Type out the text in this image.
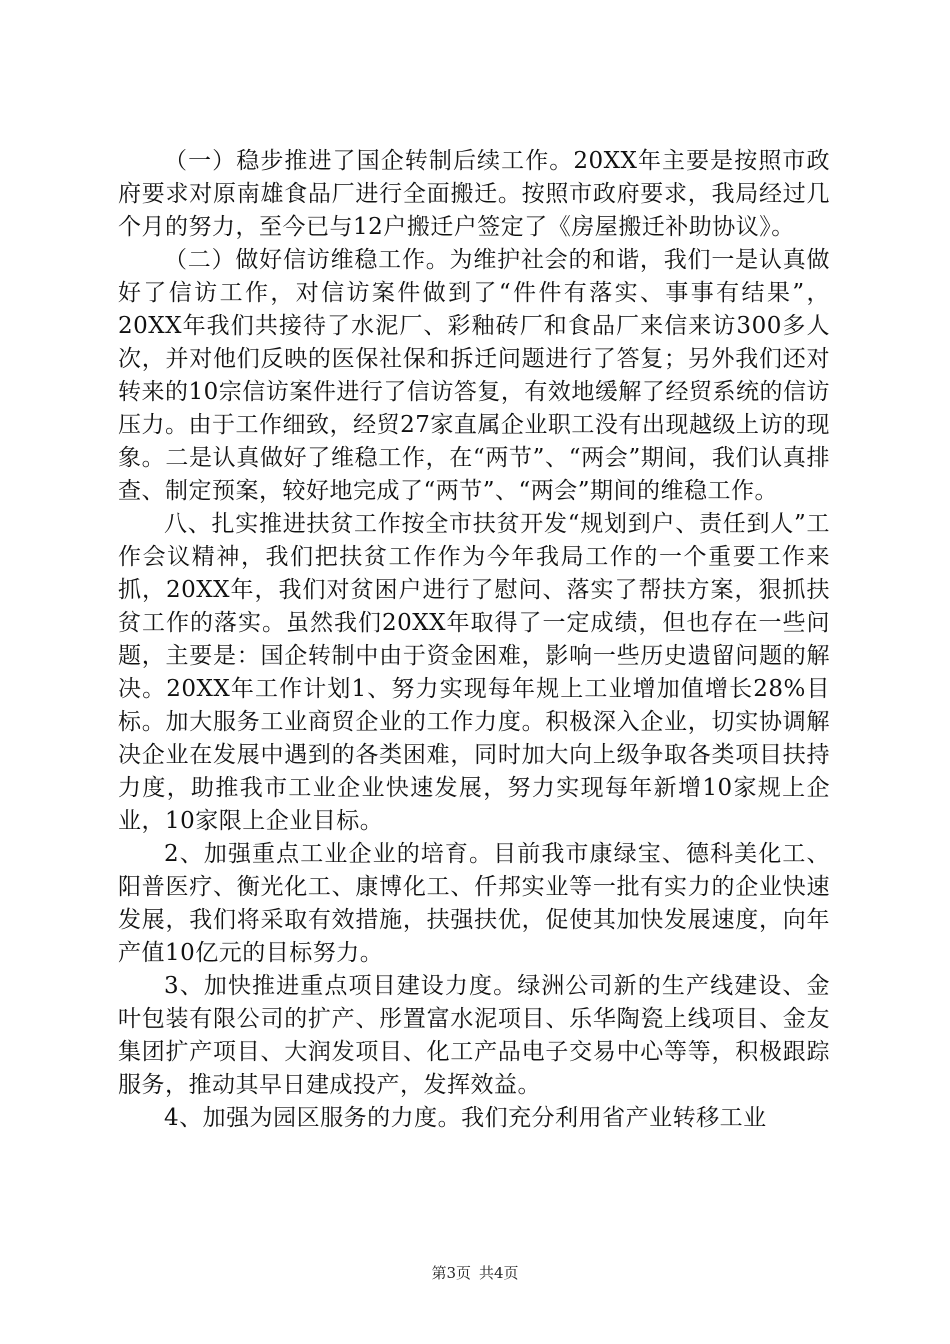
（一）稳步推进了国企转制后续工作。20XX年主要是按照市政府要求对原南雄食品厂进行全面搬迁。按照市政府要求，我局经过几个月的努力，至今已与12户搬迁户签定了《房屋搬迁补助协议》。

（二）做好信访维稳工作。为维护社会的和谐，我们一是认真做好了信访工作，对信访案件做到了“件件有落实、事事有结果”，20XX年我们共接待了水泥厂、彩釉砖厂和食品厂来信来访300多人次，并对他们反映的医保社保和拆迁问题进行了答复；另外我们还对转来的10宗信访案件进行了信访答复，有效地缓解了经贸系统的信访压力。由于工作细致，经贸27家直属企业职工没有出现越级上访的现象。二是认真做好了维稳工作，在“两节”、“两会”期间，我们认真排查、制定预案，较好地完成了“两节”、“两会”期间的维稳工作。

八、扎实推进扶贫工作按全市扶贫开发“规划到户、责任到人”工作会议精神，我们把扶贫工作作为今年我局工作的一个重要工作来抓，20XX年，我们对贫困户进行了慰问、落实了帮扶方案，狠抓扶贫工作的落实。虽然我们20XX年取得了一定成绩，但也存在一些问题，主要是：国企转制中由于资金困难，影响一些历史遗留问题的解决。20XX年工作计划1、努力实现每年规上工业增加值增长28%目标。加大服务工业商贸企业的工作力度。积极深入企业，切实协调解决企业在发展中遇到的各类困难，同时加大向上级争取各类项目扶持力度，助推我市工业企业快速发展，努力实现每年新增10家规上企业，10家限上企业目标。

2、加强重点工业企业的培育。目前我市康绿宝、德科美化工、阳普医疗、衡光化工、康博化工、仟邦实业等一批有实力的企业快速发展，我们将采取有效措施，扶强扶优，促使其加快发展速度，向年产值10亿元的目标努力。

3、加快推进重点项目建设力度。绿洲公司新的生产线建设、金叶包装有限公司的扩产、彤置富水泥项目、乐华陶瓷上线项目、金友集团扩产项目、大润发项目、化工产品电子交易中心等等，积极跟踪服务，推动其早日建成投产，发挥效益。

4、加强为园区服务的力度。我们充分利用省产业转移工业

第3页 共4页
